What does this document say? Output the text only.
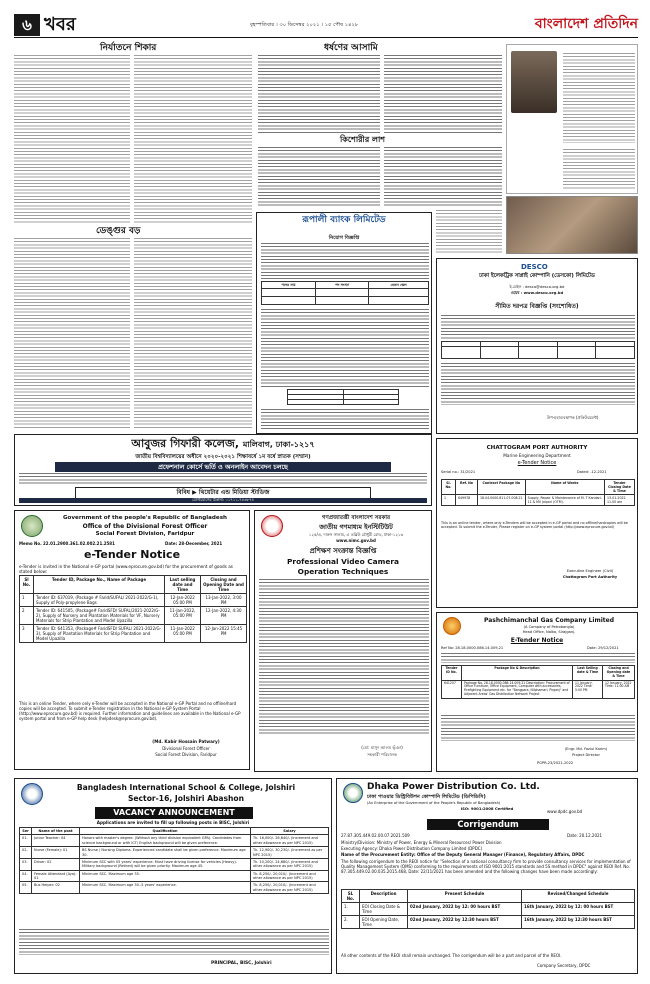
৬ খবর	বৃহস্পতিবার । ৩০ ডিসেম্বর ২০২১ । ১৫ পৌষ ১৪২৮	বাংলাদেশ প্রতিদিন
নির্যাতনে শিকার	ধর্ষণের আসামি
কিশোরীর লাশ
ডেঙ্গুর বড়
রূপালী ব্যাংক লিমিটেড
নিয়োগ বিজ্ঞপ্তি
পদের নাম	পদ সংখ্যা	বেতন স্কেল

DESCO
ঢাকা ইলেকট্রিক সাপ্লাই কোম্পানি (ডেসকো) লিমিটেড
ই-মেইল : desco@desco.org.bd
ওয়েব : www.desco.org.bd
সীমিত দরপত্র বিজ্ঞপ্তি (সংশোধিত)

উপ-মহাব্যবস্থাপক (প্রকিউরমেন্ট)
আবুজর গিফারী কলেজ, মালিবাগ, ঢাকা-১২১৭
জাতীয় বিশ্ববিদ্যালয়ের অধীনে ২০২০-২০২১ শিক্ষাবর্ষে ১ম বর্ষে স্নাতক (সম্মান)
প্রফেশনাল কোর্সে ভর্তি ও অনলাইন আবেদন চলছে
বিবিধ ▶ থিয়েটার এন্ড মিডিয়া স্টাডিজ
যোগাযোগের ঠিকানা: ০১৭১১-৭৪৩৮৭৪
CHATTOGRAM PORT AUTHORITY
Marine Engineering Department
e-Tender Notice
Serial no.: 31/2021	Dated: -12-2021
Sl. No.	Ref. No	Contract Package No	Name of Works	Tender Closing Date & Time
1	649978	18.04.0000.811.07.008.21	Supply, Repair & Maintenance of M. T Kandari-11 & MV Jalpori (OTM).	13-01-2022 11.00 am
This is an online tender, where only e-Tenders will be accepted in e-GP portal and no offline/hardcopies will be accepted. To submit the e-Tender, Please register on e-GP system portal (http://www.eprocure.gov.bd)
Executive Engineer (Civil)
Chattogram Port Authority
Government of the people's Republic of Bangladesh
Office of the Divisional Forest Officer
Social Forest Division, Faridpur
Memo No. 22.01.2900.361.02.002.21.2581	Date: 28-December, 2021
e-Tender Notice
e-Tender is invited in the National e-GP portal (www.eprocure.gov.bd) for the procurement of goods as stated below:
Sl No.	Tender ID, Package No., Name of Package	Last selling date and Time	Closing and Opening Date and Time
1	Tender ID: 637019, (Package # Farid/SUFAL/ 2021-2022/G-1), Supply of Poly-propylene Bags	12-Jan-2022 05:00 PM	13-Jan-2022, 3:00 PM
2	Tender ID: 641505, (Package# FaridSFD/ SUFAL/2021-2022/G-2), Supply of Nursery and Plantation Materials for VF, Nursery Materials for Strip Plantation and Model Upazilla	11-Jan-2022, 05:00 PM	12-Jan-2022, 4:30 PM
3	Tender ID: 641353, (Package# FaridSFD/ SUFAL/ 2021-2022/G-3), Supply of Plantation Materials for Strip Plantation and Model Upazilla	11-Jan-2022 05:00 PM	12-Jan-2022 15:45 PM
This is an online Tender, where only e-Tender will be accepted in the National e-GP Portal and no offline/hard copies will be accepted. To submit e-Tender registration in the National e-GP System Portal (http://www.eprocure.gov.bd) is required. Further information and guidelines are available in the National e-GP system portal and from e-GP help desk (helpdesk@eprocure.gov.bd).
(Md. Kabir Hossain Patwary)
Divisional Forest Officer
Social Forest Division, Faridpur
গণপ্রজাতন্ত্রী বাংলাদেশ সরকার
জাতীয় গণমাধ্যম ইনস্টিটিউট
১২৫/এ, দারুস সালাম, এ ডব্লিউ চৌধুরী রোড, ঢাকা-১২১৬
www.nimc.gov.bd
প্রশিক্ষণ সংক্রান্ত বিজ্ঞপ্তি
Professional Video Camera
Operation Techniques
(মো: মাসুদ আলম ভূঁঞা)
সহকারী পরিচালক
Pashchimanchal Gas Company Limited
(A Company of Petrobangla)
Head Office, Nalka, Sirajganj.
E-Tender Notice
Ref No: 28.18.0000.086.14.009.21	Date: 29/12/2021
Tender ID No.	Package No & Description	Last Selling date & Time	Closing and Opening date & Time
641207	Package No. 28.18.0000.086.14.009.21 Description: Procurement of Office Furniture, Office Equipment, Computer with accessories, Firefighting Equipment etc. for "Bangpara, Nilphamari, Pirganj" and Adjacent Areas' Gas Distribution Network Project	11 January, 2022 Time: 5:00 PM	12 January, 2022 Time: 11:00 AM
(Engr. Md. Fazlul Karim)
Project Director
PGPR-23/2021-2022
Bangladesh International School & College, Jolshiri
Sector-16, Jolshiri Abashon
VACANCY ANNOUNCEMENT
Applications are invited to fill up following posts in BISC, Jolshiri
Ser	Name of the post	Qualification	Salary
01.	Junior Teacher: 04	Honors with master's degree. (Without any third division equivalent GPA). Candidates from science background or with ICT/ English background will be given preference.	Tk. 16,000/- 26,640/- (Increment and other allowance as per NPC 2015)
02.	Nurse (Female): 01	BS Nurse / Nursing Diploma. Experienced candidate shall be given preference. Maximum age 30.	Tk. 12,900/- 30,230/- (Increment as per NPC 2015)
03.	Driver: 02	Minimum SSC with 05 years' experience. Must have driving license for vehicles (Heavy). Military background (Retired) will be given priority. Maximum age 45.	Tk. 10,200/- 24,680/- (Increment and other allowance as per NPC 2015)
04.	Female Attendant (Aya): 01	Minimum SSC. Maximum age 35.	Tk. 8,250/- 20,010/- (Increment and other allowance as per NPC 2015)
05.	Bus Helper: 02	Minimum SSC. Maximum age 30.-5 years' experience.	Tk. 8,250/- 20,010/- (Increment and other allowance as per NPC 2015)
PRINCIPAL, BISC, Jolshiri
Dhaka Power Distribution Co. Ltd.
ঢাকা পাওয়ার ডিস্ট্রিবিউশন কোম্পানি লিমিটেড (ডিপিডিসি)
(An Enterprise of the Government of the People's Republic of Bangladesh)
ISO: 9001:2008 Certified
www.dpdc.gov.bd
Corrigendum
27.87.305.449.02.00.07.2021.509	Date: 20.12.2021
Ministry/Division: Ministry of Power, Energy & Mineral Resources/ Power Division
Executing Agency: Dhaka Power Distribution Company Limited (DPDC)
Name of the Procurement Entity: Office of the Deputy General Manager (Finance), Regulatory Affairs, DPDC
The following corrigendum to the REOI notice for "Selection of a national consultancy firm to provide consultancy services for implementation of Quality Management System (QMS) conforming to the requirements of ISO 9001:2015 standards and 5S method in DPDC" against REOI Ref. No. 87.305.449.02.00.035.2015.468, Date: 22/11/2021 has been amended and the following changes have been made accordingly:
SL No.	Description	Present Schedule	Revised/Changed Schedule
1.	EOI Closing Date & Time	02nd January, 2022 by 12: 00 hours BST	16th January, 2022 by 12: 00 hours BST
2.	EOI Opening Date, Time	02nd January, 2022 by 12:30 hours BST	16th January, 2022 by 12:30 hours BST
All other contents of the REOI shall remain unchanged. The corrigendum will be a part and parcel of the REOI.
Company Secretary, DPDC
